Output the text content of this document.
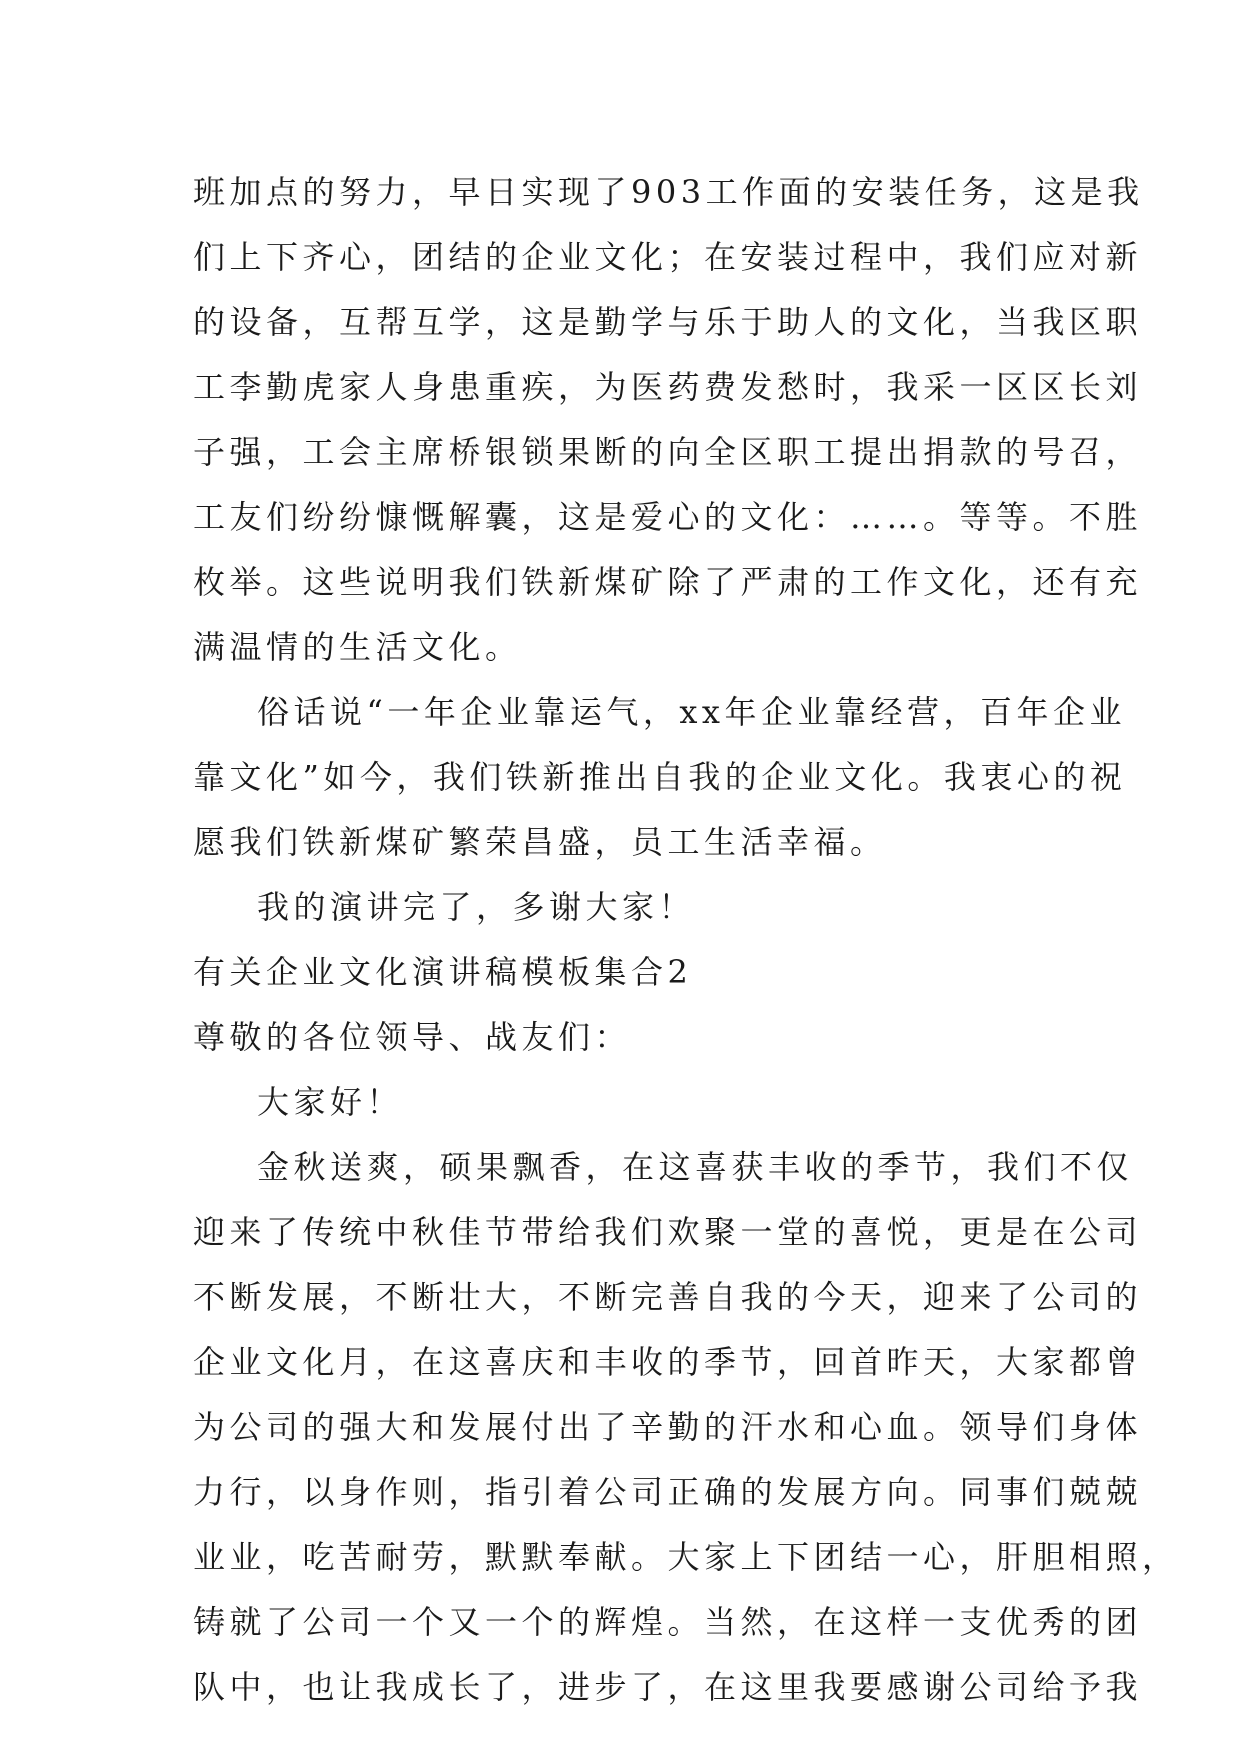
班加点的努力，早日实现了903工作面的安装任务，这是我
们上下齐心，团结的企业文化；在安装过程中，我们应对新
的设备，互帮互学，这是勤学与乐于助人的文化，当我区职
工李勤虎家人身患重疾，为医药费发愁时，我采一区区长刘
子强，工会主席桥银锁果断的向全区职工提出捐款的号召，
工友们纷纷慷慨解囊，这是爱心的文化：……。等等。不胜
枚举。这些说明我们铁新煤矿除了严肃的工作文化，还有充
满温情的生活文化。
俗话说“一年企业靠运气，xx年企业靠经营，百年企业
靠文化”如今，我们铁新推出自我的企业文化。我衷心的祝
愿我们铁新煤矿繁荣昌盛，员工生活幸福。
我的演讲完了，多谢大家！
有关企业文化演讲稿模板集合2
尊敬的各位领导、战友们：
大家好！
金秋送爽，硕果飘香，在这喜获丰收的季节，我们不仅
迎来了传统中秋佳节带给我们欢聚一堂的喜悦，更是在公司
不断发展，不断壮大，不断完善自我的今天，迎来了公司的
企业文化月，在这喜庆和丰收的季节，回首昨天，大家都曾
为公司的强大和发展付出了辛勤的汗水和心血。领导们身体
力行，以身作则，指引着公司正确的发展方向。同事们兢兢
业业，吃苦耐劳，默默奉献。大家上下团结一心，肝胆相照，
铸就了公司一个又一个的辉煌。当然，在这样一支优秀的团
队中，也让我成长了，进步了，在这里我要感谢公司给予我
